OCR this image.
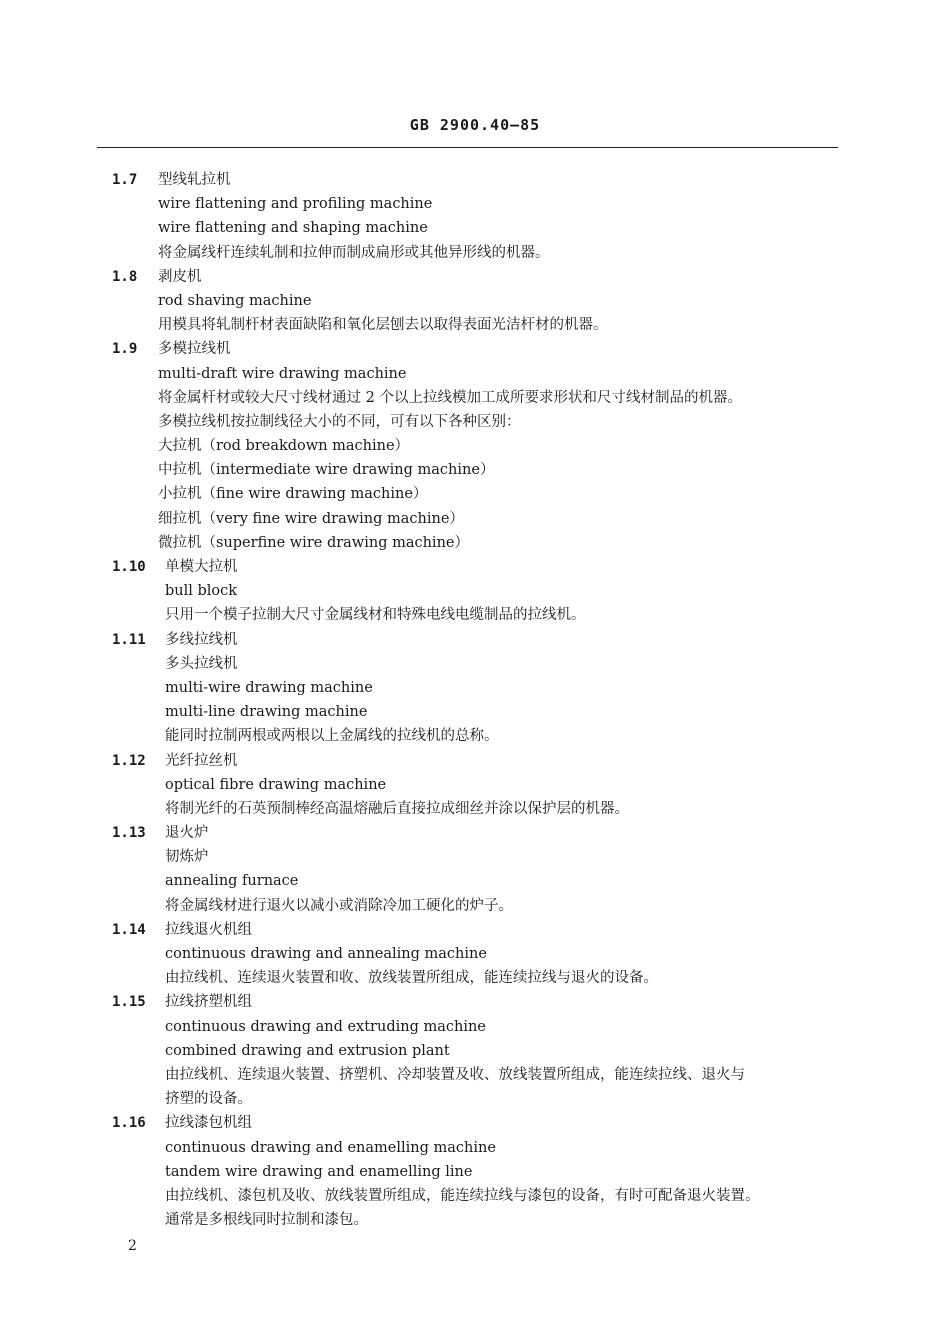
GB 2900.40—85
1.7 型线轧拉机
wire flattening and profiling machine
wire flattening and shaping machine
将金属线杆连续轧制和拉伸而制成扁形或其他异形线的机器。
1.8 剥皮机
rod shaving machine
用模具将轧制杆材表面缺陷和氧化层刨去以取得表面光洁杆材的机器。
1.9 多模拉线机
multi-draft wire drawing machine
将金属杆材或较大尺寸线材通过 2 个以上拉线模加工成所要求形状和尺寸线材制品的机器。
多模拉线机按拉制线径大小的不同，可有以下各种区别：
大拉机（rod breakdown machine）
中拉机（intermediate wire drawing machine）
小拉机（fine wire drawing machine）
细拉机（very fine wire drawing machine）
微拉机（superfine wire drawing machine）
1.10 单模大拉机
bull block
只用一个模子拉制大尺寸金属线材和特殊电线电缆制品的拉线机。
1.11 多线拉线机
多头拉线机
multi-wire drawing machine
multi-line drawing machine
能同时拉制两根或两根以上金属线的拉线机的总称。
1.12 光纤拉丝机
optical fibre drawing machine
将制光纤的石英预制棒经高温熔融后直接拉成细丝并涂以保护层的机器。
1.13 退火炉
韧炼炉
annealing furnace
将金属线材进行退火以减小或消除冷加工硬化的炉子。
1.14 拉线退火机组
continuous drawing and annealing machine
由拉线机、连续退火装置和收、放线装置所组成，能连续拉线与退火的设备。
1.15 拉线挤塑机组
continuous drawing and extruding machine
combined drawing and extrusion plant
由拉线机、连续退火装置、挤塑机、冷却装置及收、放线装置所组成，能连续拉线、退火与
挤塑的设备。
1.16 拉线漆包机组
continuous drawing and enamelling machine
tandem wire drawing and enamelling line
由拉线机、漆包机及收、放线装置所组成，能连续拉线与漆包的设备，有时可配备退火装置。
通常是多根线同时拉制和漆包。
2
